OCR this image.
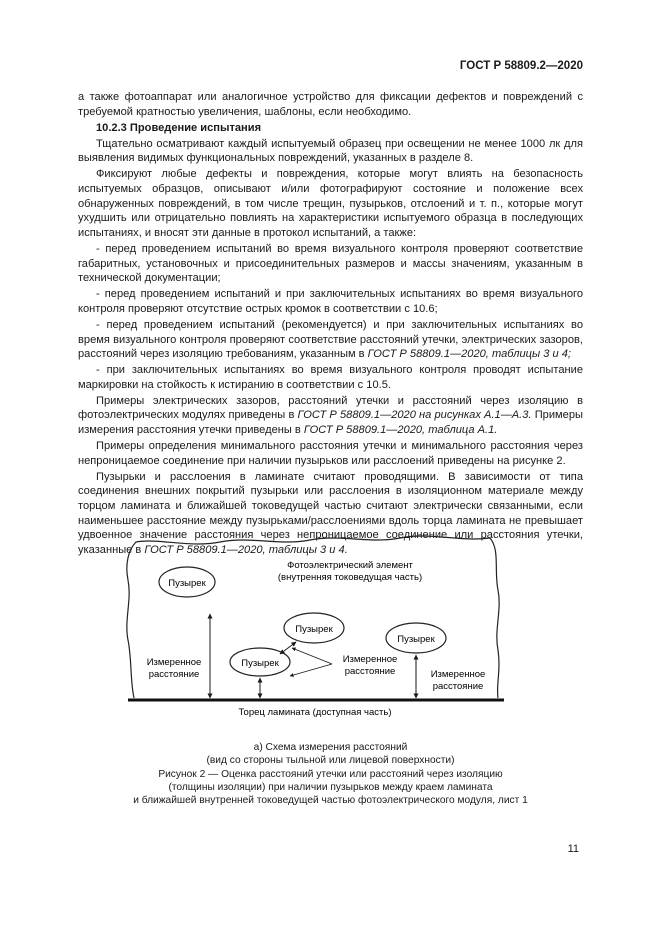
ГОСТ Р 58809.2—2020

а также фотоаппарат или аналогичное устройство для фиксации дефектов и повреждений с требуемой кратностью увеличения, шаблоны, если необходимо.

10.2.3 Проведение испытания

Тщательно осматривают каждый испытуемый образец при освещении не менее 1000 лк для выявления видимых функциональных повреждений, указанных в разделе 8.

Фиксируют любые дефекты и повреждения, которые могут влиять на безопасность испытуемых образцов, описывают и/или фотографируют состояние и положение всех обнаруженных повреждений, в том числе трещин, пузырьков, отслоений и т. п., которые могут ухудшить или отрицательно повлиять на характеристики испытуемого образца в последующих испытаниях, и вносят эти данные в протокол испытаний, а также:

- перед проведением испытаний во время визуального контроля проверяют соответствие габаритных, установочных и присоединительных размеров и массы значениям, указанным в технической документации;

- перед проведением испытаний и при заключительных испытаниях во время визуального контроля проверяют отсутствие острых кромок в соответствии с 10.6;

- перед проведением испытаний (рекомендуется) и при заключительных испытаниях во время визуального контроля проверяют соответствие расстояний утечки, электрических зазоров, расстояний через изоляцию требованиям, указанным в ГОСТ Р 58809.1—2020, таблицы 3 и 4;

- при заключительных испытаниях во время визуального контроля проводят испытание маркировки на стойкость к истиранию в соответствии с 10.5.

Примеры электрических зазоров, расстояний утечки и расстояний через изоляцию в фотоэлектрических модулях приведены в ГОСТ Р 58809.1—2020 на рисунках А.1—А.3. Примеры измерения расстояния утечки приведены в ГОСТ Р 58809.1—2020, таблица А.1.

Примеры определения минимального расстояния утечки и минимального расстояния через непроницаемое соединение при наличии пузырьков или расслоений приведены на рисунке 2.

Пузырьки и расслоения в ламинате считают проводящими. В зависимости от типа соединения внешних покрытий пузырьки или расслоения в изоляционном материале между торцом ламината и ближайшей токоведущей частью считают электрически связанными, если наименьшее расстояние между пузырьками/расслоениями вдоль торца ламината не превышает удвоенное значение расстояния через непроницаемое соединение или расстояния утечки, указанные в ГОСТ Р 58809.1—2020, таблицы 3 и 4.

Фотоэлектрический элемент
(внутренняя токоведущая часть)
Пузырек
Пузырек
Пузырек
Пузырек
Измеренное
расстояние
Измеренное
расстояние	Измеренное
расстояние
Торец ламината (доступная часть)
а) Схема измерения расстояний
(вид со стороны тыльной или лицевой поверхности)
Рисунок 2 — Оценка расстояний утечки или расстояний через изоляцию
(толщины изоляции) при наличии пузырьков между краем ламината
и ближайшей внутренней токоведущей частью фотоэлектрического модуля, лист 1
11
